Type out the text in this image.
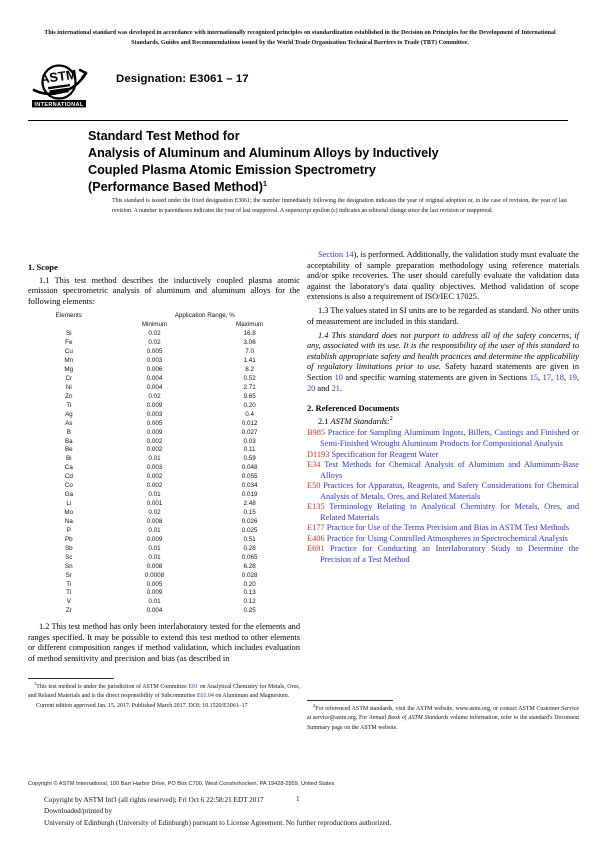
This international standard was developed in accordance with internationally recognized principles on standardization established in the Decision on Principles for the Development of International Standards, Guides and Recommendations issued by the World Trade Organization Technical Barriers to Trade (TBT) Committee.
ASTM
INTERNATIONAL
Designation: E3061 – 17
Standard Test Method for
Analysis of Aluminum and Aluminum Alloys by Inductively
Coupled Plasma Atomic Emission Spectrometry
(Performance Based Method)$^1$
This standard is issued under the fixed designation E3061; the number immediately following the designation indicates the year of original adoption or, in the case of revision, the year of last revision. A number in parentheses indicates the year of last reapproval. A superscript epsilon (ε) indicates an editorial change since the last revision or reapproval.
1. Scope

1.1 This test method describes the inductively coupled plasma atomic emission spectrometric analysis of aluminum and aluminum alloys for the following elements:

Elements	Application Range, %	
	Minimum	Maximum
Si	0.02	16.8
Fe	0.02	3.06
Cu	0.005	7.0
Mn	0.003	1.41
Mg	0.006	8.2
Cr	0.004	0.52
Ni	0.004	2.71
Zn	0.02	9.65
Ti	0.009	0.20
Ag	0.003	0.4
As	0.005	0.012
B	0.009	0.027
Ba	0.002	0.03
Be	0.002	0.11
Bi	0.01	0.59
Ca	0.003	0.048
Cd	0.002	0.055
Co	0.002	0.034
Ga	0.01	0.019
Li	0.001	2.48
Mo	0.02	0.15
Na	0.008	0.026
P	0.01	0.025
Pb	0.009	0.51
Sb	0.01	0.28
Sc	0.01	0.065
Sn	0.008	6.28
Sr	0.0008	0.028
Ti	0.005	0.20
Tl	0.009	0.13
V	0.01	0.12
Zr	0.004	0.25

1.2 This test method has only been interlaboratory tested for the elements and ranges specified. It may be possible to extend this test method to other elements or different composition ranges if method validation, which includes evaluation of method sensitivity and precision and bias (as described in

Section 14), is performed. Additionally, the validation study must evaluate the acceptability of sample preparation methodology using reference materials and/or spike recoveries. The user should carefully evaluate the validation data against the laboratory's data quality objectives. Method validation of scope extensions is also a requirement of ISO/IEC 17025.

1.3 The values stated in SI units are to be regarded as standard. No other units of measurement are included in this standard.

1.4 This standard does not purport to address all of the safety concerns, if any, associated with its use. It is the responsibility of the user of this standard to establish appropriate safety and health practices and determine the applicability of regulatory limitations prior to use. Safety hazard statements are given in Section 10 and specific warning statements are given in Sections 15, 17, 18, 19, 20 and 21.

2. Referenced Documents
2.1 ASTM Standards:$^2$
B985 Practice for Sampling Aluminum Ingots, Billets, Castings and Finished or Semi-Finished Wrought Aluminum Products for Compositional Analysis
D1193 Specification for Reagent Water
E34 Test Methods for Chemical Analysis of Aluminum and Aluminum-Base Alloys
E50 Practices for Apparatus, Reagents, and Safety Considerations for Chemical Analysis of Metals, Ores, and Related Materials
E135 Terminology Relating to Analytical Chemistry for Metals, Ores, and Related Materials
E177 Practice for Use of the Terms Precision and Bias in ASTM Test Methods
E406 Practice for Using Controlled Atmospheres in Spectrochemical Analysis
E691 Practice for Conducting an Interlaboratory Study to Determine the Precision of a Test Method

$^1$This test method is under the jurisdiction of ASTM Committee E01 on Analytical Chemistry for Metals, Ores, and Related Materials and is the direct responsibility of Subcommittee E01.04 on Aluminum and Magnesium.

Current edition approved Jan. 15, 2017. Published March 2017. DOI: 10.1520/E3061–17	$^2$For referenced ASTM standards, visit the ASTM website, www.astm.org, or contact ASTM Customer Service at service@astm.org. For Annual Book of ASTM Standards volume information, refer to the standard's Document Summary page on the ASTM website.

Copyright © ASTM International, 100 Barr Harbor Drive, PO Box C700, West Conshohocken, PA 19428-2959, United States
Copyright by ASTM Int'l (all rights reserved); Fri Oct 6 22:58:21 EDT 2017
Downloaded/printed by
University of Edinburgh (University of Edinburgh) pursuant to License Agreement. No further reproductions authorized.
1
